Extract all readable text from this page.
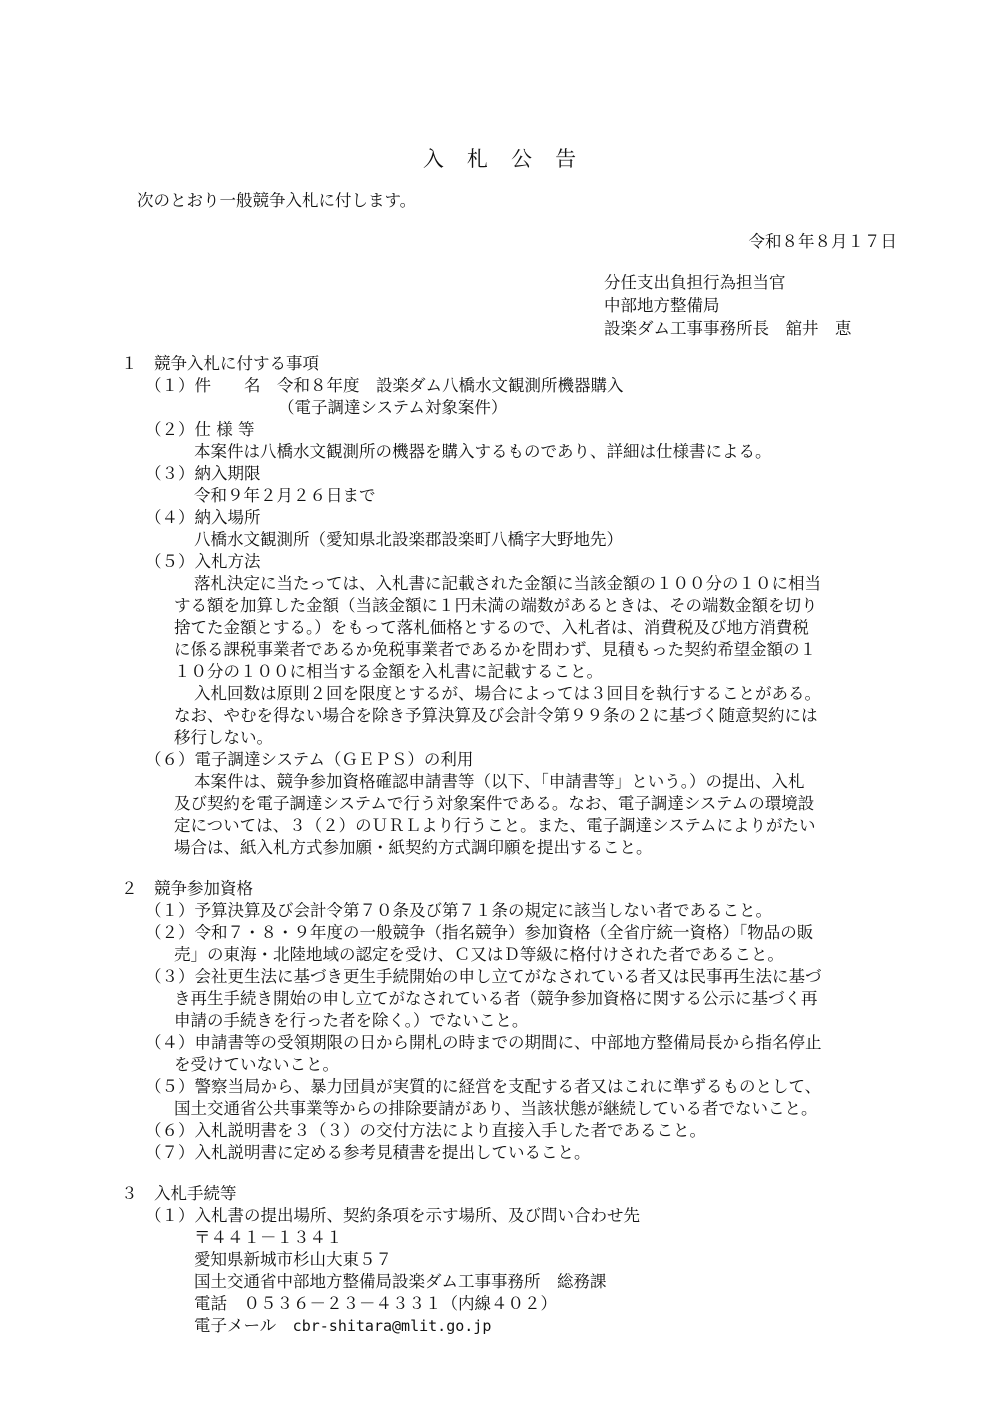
入　札　公　告
次のとおり一般競争入札に付します。
令和８年８月１７日
分任支出負担行為担当官
中部地方整備局
設楽ダム工事事務所長　舘井　恵
１　競争入札に付する事項
（１）件　　名　令和８年度　設楽ダム八橋水文観測所機器購入
（電子調達システム対象案件）
（２）仕 様 等
本案件は八橋水文観測所の機器を購入するものであり、詳細は仕様書による。
（３）納入期限
令和９年２月２６日まで
（４）納入場所
八橋水文観測所（愛知県北設楽郡設楽町八橋字大野地先）
（５）入札方法
落札決定に当たっては、入札書に記載された金額に当該金額の１００分の１０に相当
する額を加算した金額（当該金額に１円未満の端数があるときは、その端数金額を切り
捨てた金額とする。）をもって落札価格とするので、入札者は、消費税及び地方消費税
に係る課税事業者であるか免税事業者であるかを問わず、見積もった契約希望金額の１
１０分の１００に相当する金額を入札書に記載すること。
入札回数は原則２回を限度とするが、場合によっては３回目を執行することがある。
なお、やむを得ない場合を除き予算決算及び会計令第９９条の２に基づく随意契約には
移行しない。
（６）電子調達システム（ＧＥＰＳ）の利用
本案件は、競争参加資格確認申請書等（以下、「申請書等」という。）の提出、入札
及び契約を電子調達システムで行う対象案件である。なお、電子調達システムの環境設
定については、３（２）のＵＲＬより行うこと。また、電子調達システムによりがたい
場合は、紙入札方式参加願・紙契約方式調印願を提出すること。
２　競争参加資格
（１）予算決算及び会計令第７０条及び第７１条の規定に該当しない者であること。
（２）令和７・８・９年度の一般競争（指名競争）参加資格（全省庁統一資格）「物品の販
売」の東海・北陸地域の認定を受け、Ｃ又はＤ等級に格付けされた者であること。
（３）会社更生法に基づき更生手続開始の申し立てがなされている者又は民事再生法に基づ
き再生手続き開始の申し立てがなされている者（競争参加資格に関する公示に基づく再
申請の手続きを行った者を除く。）でないこと。
（４）申請書等の受領期限の日から開札の時までの期間に、中部地方整備局長から指名停止
を受けていないこと。
（５）警察当局から、暴力団員が実質的に経営を支配する者又はこれに準ずるものとして、
国土交通省公共事業等からの排除要請があり、当該状態が継続している者でないこと。
（６）入札説明書を３（３）の交付方法により直接入手した者であること。
（７）入札説明書に定める参考見積書を提出していること。
３　入札手続等
（１）入札書の提出場所、契約条項を示す場所、及び問い合わせ先
〒４４１－１３４１
愛知県新城市杉山大東５７
国土交通省中部地方整備局設楽ダム工事事務所　総務課
電話　０５３６－２３－４３３１（内線４０２）
電子メール　cbr-shitara@mlit.go.jp
